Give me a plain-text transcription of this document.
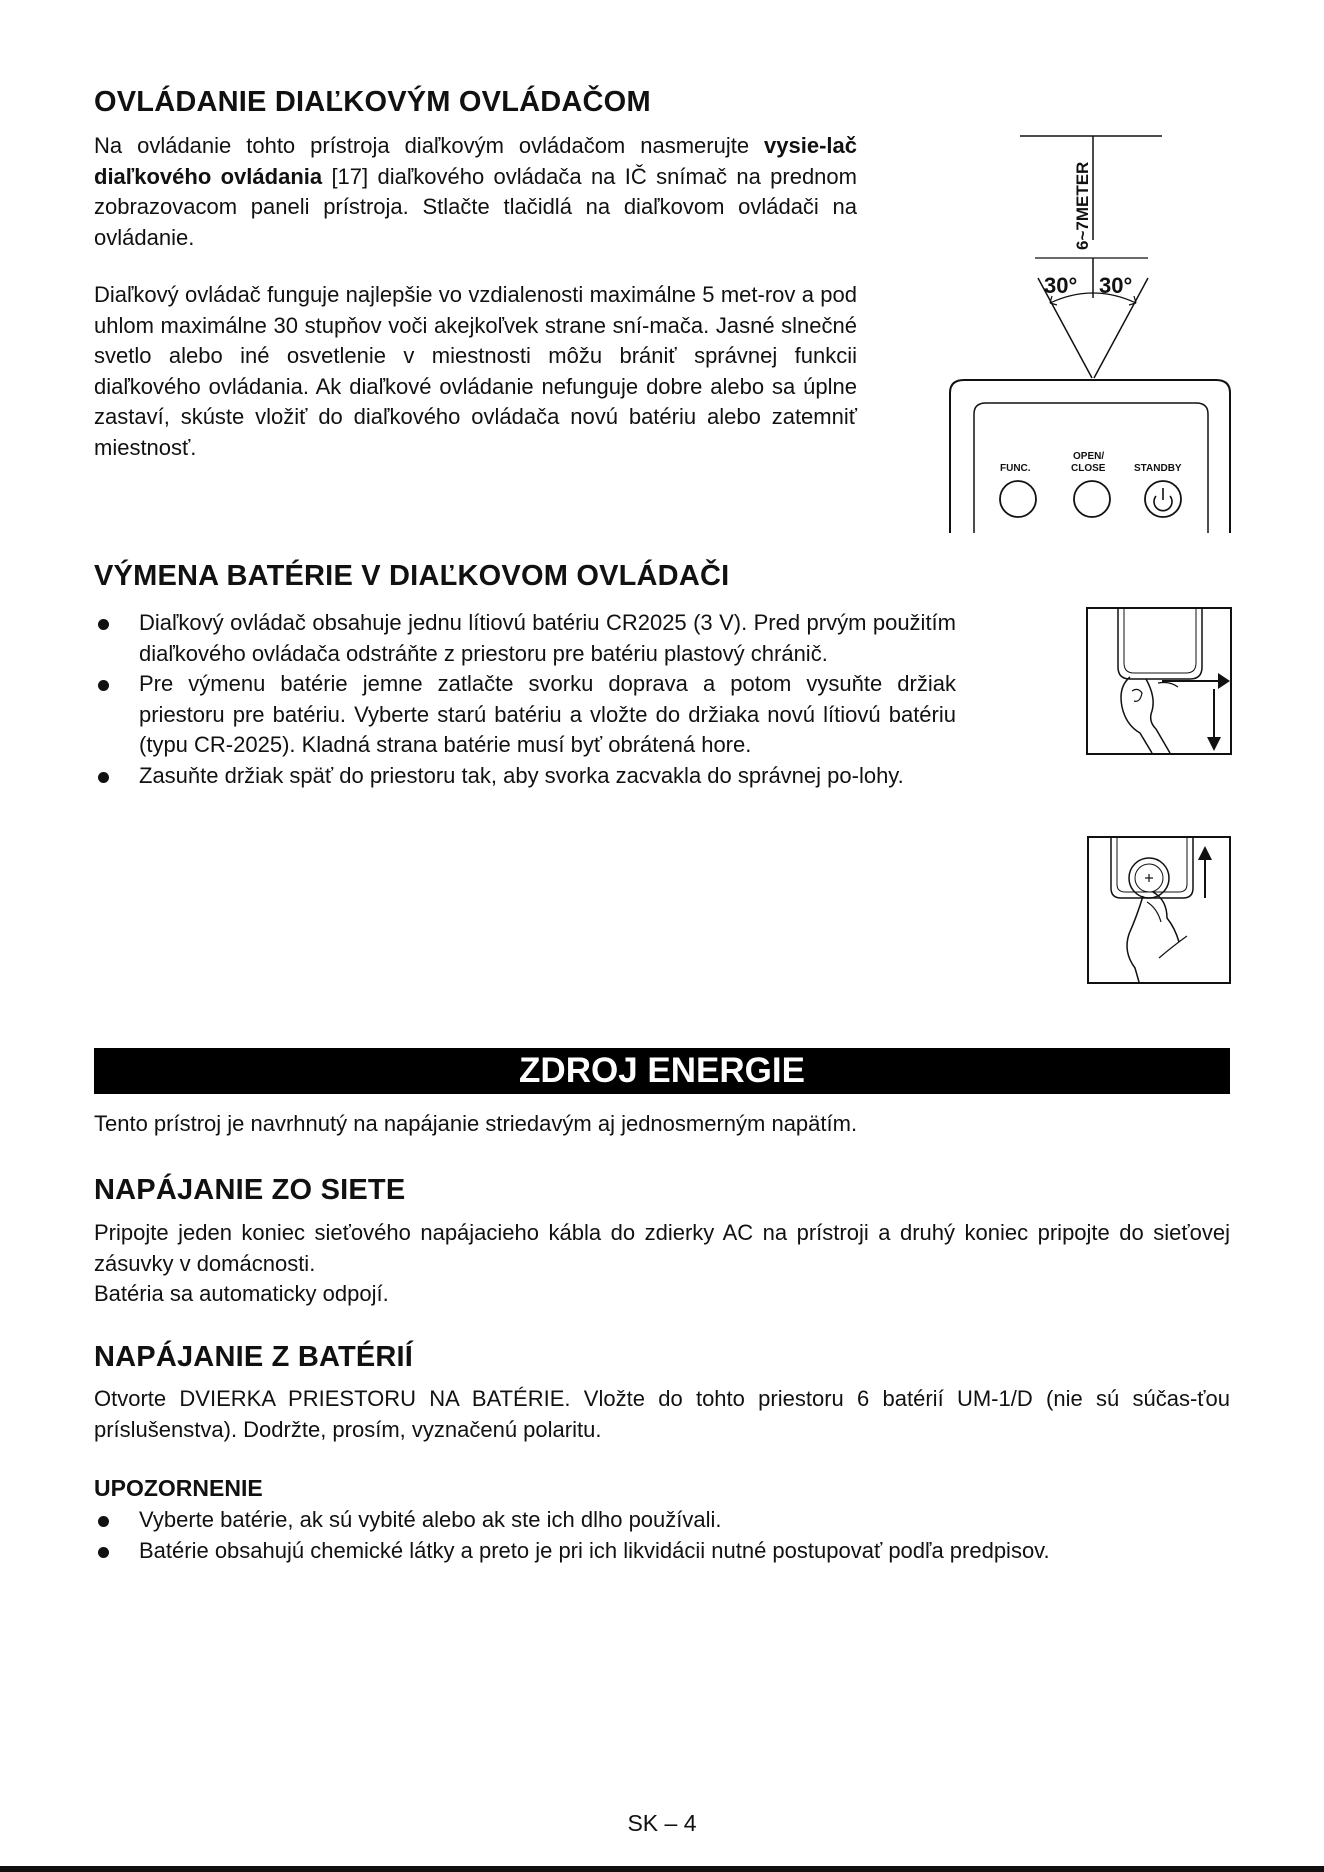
OVLÁDANIE DIAĽKOVÝM OVLÁDAČOM

Na ovládanie tohto prístroja diaľkovým ovládačom nasmerujte vysie-lač diaľkového ovládania [17] diaľkového ovládača na IČ snímač na prednom zobrazovacom paneli prístroja. Stlačte tlačidlá na diaľkovom ovládači na ovládanie.

Diaľkový ovládač funguje najlepšie vo vzdialenosti maximálne 5 met-rov a pod uhlom maximálne 30 stupňov voči akejkoľvek strane sní-mača. Jasné slnečné svetlo alebo iné osvetlenie v miestnosti môžu brániť správnej funkcii diaľkového ovládania. Ak diaľkové ovládanie nefunguje dobre alebo sa úplne zastaví, skúste vložiť do diaľkového ovládača novú batériu alebo zatemniť miestnosť.

6~7METER
30° 30°
FUNC.
OPEN/
CLOSE	STANDBY
VÝMENA BATÉRIE V DIAĽKOVOM OVLÁDAČI
Diaľkový ovládač obsahuje jednu lítiovú batériu CR2025 (3 V). Pred prvým použitím diaľkového ovládača odstráňte z priestoru pre batériu plastový chránič.
Pre výmenu batérie jemne zatlačte svorku doprava a potom vysuňte držiak priestoru pre batériu. Vyberte starú batériu a vložte do držiaka novú lítiovú batériu (typu CR-2025). Kladná strana batérie musí byť obrátená hore.
Zasuňte držiak späť do priestoru tak, aby svorka zacvakla do správnej po-lohy.
ZDROJ ENERGIE

Tento prístroj je navrhnutý na napájanie striedavým aj jednosmerným napätím.

NAPÁJANIE ZO SIETE

Pripojte jeden koniec sieťového napájacieho kábla do zdierky AC na prístroji a druhý koniec pripojte do sieťovej zásuvky v domácnosti.
Batéria sa automaticky odpojí.

NAPÁJANIE Z BATÉRIÍ

Otvorte DVIERKA PRIESTORU NA BATÉRIE. Vložte do tohto priestoru 6 batérií UM-1/D (nie sú súčas-ťou príslušenstva). Dodržte, prosím, vyznačenú polaritu.

UPOZORNENIE
Vyberte batérie, ak sú vybité alebo ak ste ich dlho používali.
Batérie obsahujú chemické látky a preto je pri ich likvidácii nutné postupovať podľa predpisov.
SK – 4
